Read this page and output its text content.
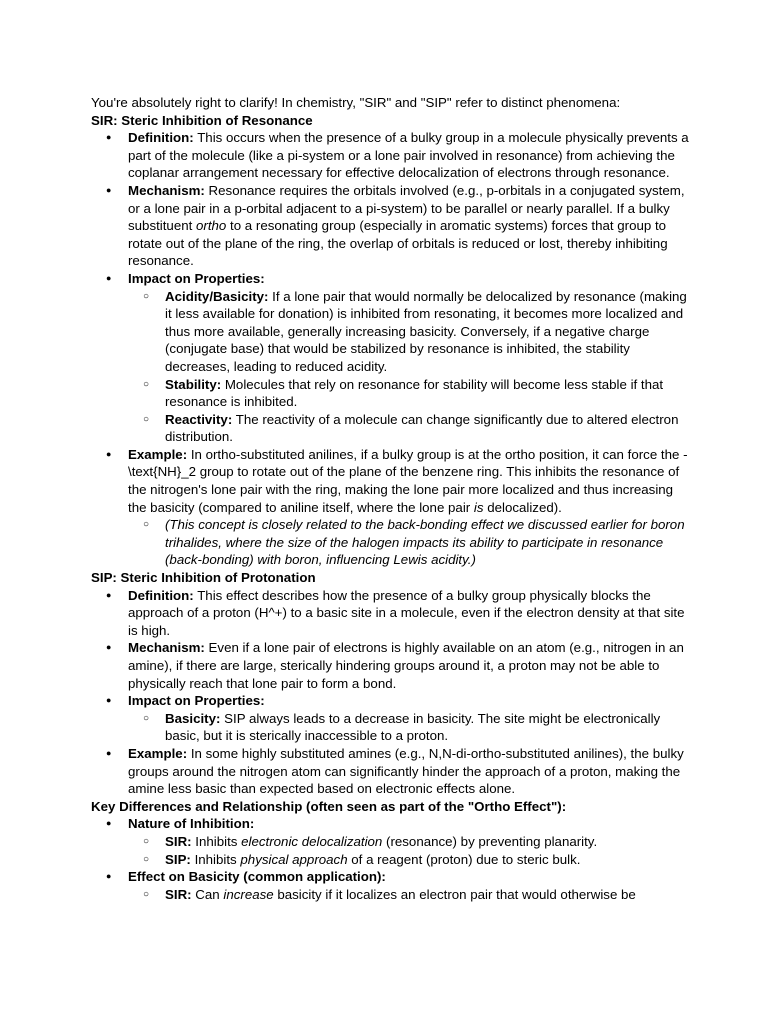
You're absolutely right to clarify! In chemistry, "SIR" and "SIP" refer to distinct phenomena:

SIR: Steric Inhibition of Resonance

● Definition: This occurs when the presence of a bulky group in a molecule physically prevents a part of the molecule (like a pi-system or a lone pair involved in resonance) from achieving the coplanar arrangement necessary for effective delocalization of electrons through resonance.
● Mechanism: Resonance requires the orbitals involved (e.g., p-orbitals in a conjugated system, or a lone pair in a p-orbital adjacent to a pi-system) to be parallel or nearly parallel. If a bulky substituent ortho to a resonating group (especially in aromatic systems) forces that group to rotate out of the plane of the ring, the overlap of orbitals is reduced or lost, thereby inhibiting resonance.
● Impact on Properties:
○ Acidity/Basicity: If a lone pair that would normally be delocalized by resonance (making it less available for donation) is inhibited from resonating, it becomes more localized and thus more available, generally increasing basicity. Conversely, if a negative charge (conjugate base) that would be stabilized by resonance is inhibited, the stability decreases, leading to reduced acidity.
○ Stability: Molecules that rely on resonance for stability will become less stable if that resonance is inhibited.
○ Reactivity: The reactivity of a molecule can change significantly due to altered electron distribution.
● Example: In ortho-substituted anilines, if a bulky group is at the ortho position, it can force the -\text{NH}_2 group to rotate out of the plane of the benzene ring. This inhibits the resonance of the nitrogen's lone pair with the ring, making the lone pair more localized and thus increasing the basicity (compared to aniline itself, where the lone pair is delocalized).
○ (This concept is closely related to the back-bonding effect we discussed earlier for boron trihalides, where the size of the halogen impacts its ability to participate in resonance (back-bonding) with boron, influencing Lewis acidity.)

SIP: Steric Inhibition of Protonation

● Definition: This effect describes how the presence of a bulky group physically blocks the approach of a proton (H^+) to a basic site in a molecule, even if the electron density at that site is high.
● Mechanism: Even if a lone pair of electrons is highly available on an atom (e.g., nitrogen in an amine), if there are large, sterically hindering groups around it, a proton may not be able to physically reach that lone pair to form a bond.
● Impact on Properties:
○ Basicity: SIP always leads to a decrease in basicity. The site might be electronically basic, but it is sterically inaccessible to a proton.
● Example: In some highly substituted amines (e.g., N,N-di-ortho-substituted anilines), the bulky groups around the nitrogen atom can significantly hinder the approach of a proton, making the amine less basic than expected based on electronic effects alone.

Key Differences and Relationship (often seen as part of the "Ortho Effect"):

● Nature of Inhibition:
○ SIR: Inhibits electronic delocalization (resonance) by preventing planarity.
○ SIP: Inhibits physical approach of a reagent (proton) due to steric bulk.
● Effect on Basicity (common application):
○ SIR: Can increase basicity if it localizes an electron pair that would otherwise be
